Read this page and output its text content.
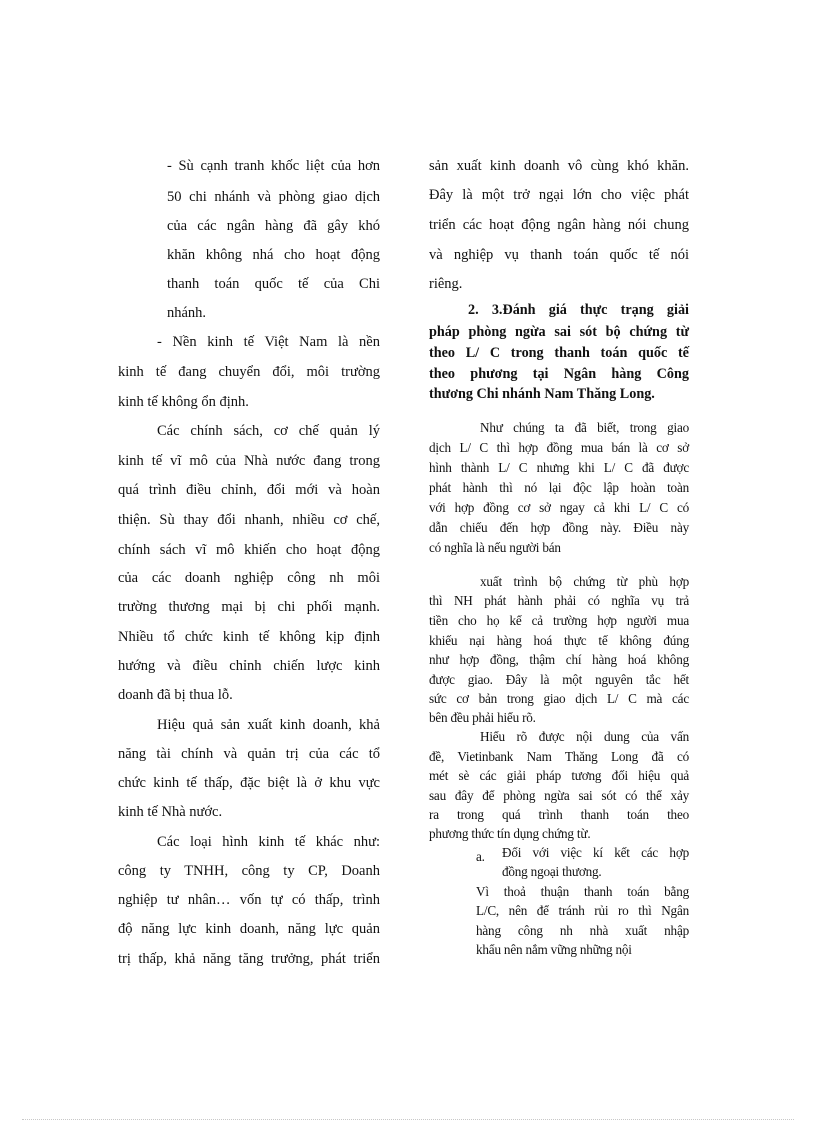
- Sù cạnh tranh khốc liệt của hơn
50 chi nhánh và phòng giao dịch
của các ngân hàng đã gây khó
khăn không nhá cho hoạt động
thanh toán quốc tế của Chi
nhánh.
- Nền kinh tế Việt Nam là nền
kinh tế đang chuyển đổi, môi trường
kinh tế không ổn định.
Các chính sách, cơ chế quản lý
kinh tế vĩ mô của Nhà nước đang trong
quá trình điều chỉnh, đổi mới và hoàn
thiện. Sù thay đổi nhanh, nhiều cơ chế,
chính sách vĩ mô khiến cho hoạt động
của các doanh nghiệp công nh môi
trường thương mại bị chi phối mạnh.
Nhiều tổ chức kinh tế không kịp định
hướng và điều chỉnh chiến lược kinh
doanh đã bị thua lỗ.
Hiệu quả sản xuất kinh doanh, khả
năng tài chính và quản trị của các tổ
chức kinh tế thấp, đặc biệt là ở khu vực
kinh tế Nhà nước.
Các loại hình kinh tế khác như:
công ty TNHH, công ty CP, Doanh
nghiệp tư nhân… vốn tự có thấp, trình
độ năng lực kinh doanh, năng lực quản
trị thấp, khả năng tăng trưởng, phát triển
sản xuất kinh doanh vô cùng khó khăn.
Đây là một trở ngại lớn cho việc phát
triển các hoạt động ngân hàng nói chung
và nghiệp vụ thanh toán quốc tế nói
riêng.
2. 3.Đánh giá thực trạng giải
pháp phòng ngừa sai sót bộ chứng từ
theo L/ C trong thanh toán quốc tế
theo phương tại Ngân hàng Công
thương Chi nhánh Nam Thăng Long.
Như chúng ta đã biết, trong giao
dịch L/ C thì hợp đồng mua bán là cơ sở
hình thành L/ C nhưng khi L/ C đã được
phát hành thì nó lại độc lập hoàn toàn
với hợp đồng cơ sở ngay cả khi L/ C có
dẫn chiếu đến hợp đồng này. Điều này
có nghĩa là nếu người bán
xuất trình bộ chứng từ phù hợp
thì NH phát hành phải có nghĩa vụ trả
tiền cho họ kể cả trường hợp người mua
khiếu nại hàng hoá thực tế không đúng
như hợp đồng, thậm chí hàng hoá không
được giao. Đây là một nguyên tắc hết
sức cơ bản trong giao dịch L/ C mà các
bên đều phải hiểu rõ.
Hiểu rõ được nội dung của vấn
đề, Vietinbank Nam Thăng Long đã có
mét sè các giải pháp tương đối hiệu quả
sau đây để phòng ngừa sai sót có thể xảy
ra trong quá trình thanh toán theo
phương thức tín dụng chứng từ.
a. Đối với việc kí kết các hợp
đồng ngoại thương.
Vì thoả thuận thanh toán bằng
L/C, nên để tránh rủi ro thì Ngân
hàng công nh nhà xuất nhập
khẩu nên nắm vững những nội
